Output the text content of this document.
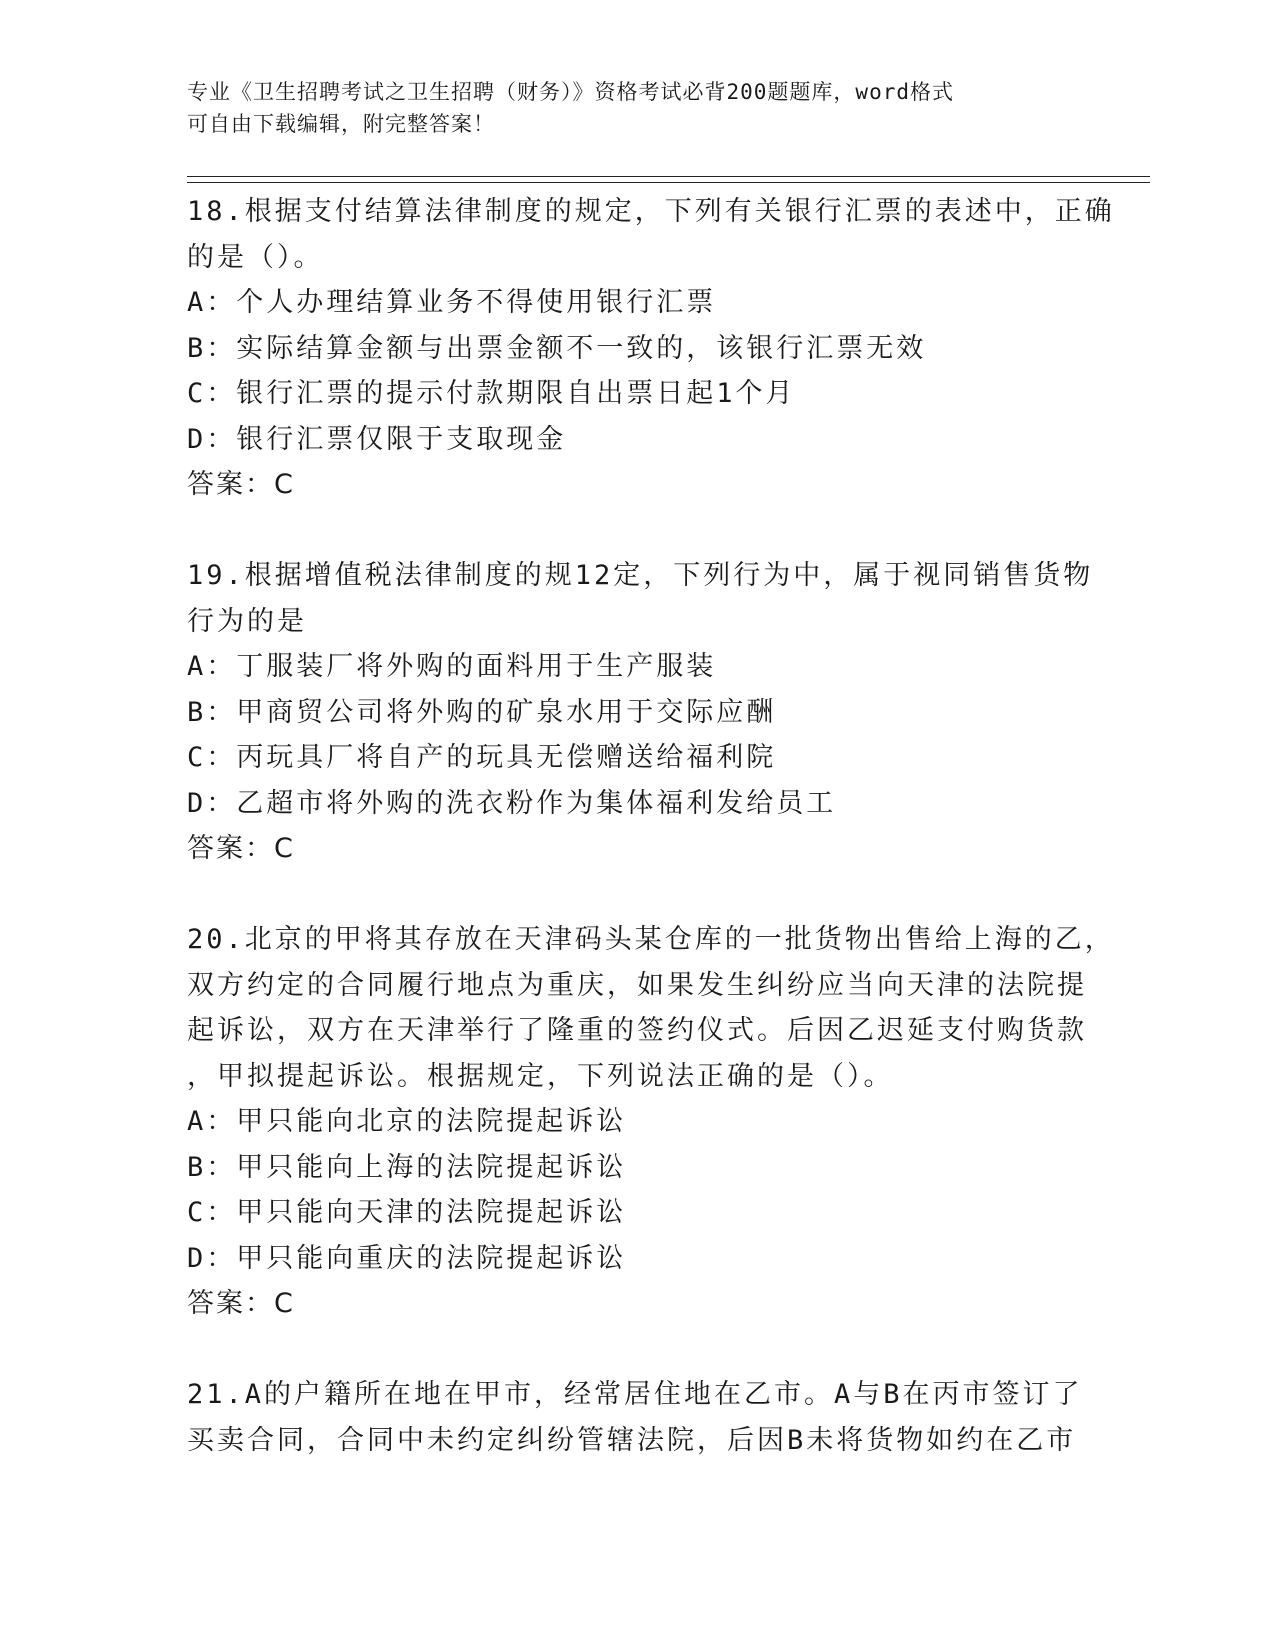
专业《卫生招聘考试之卫生招聘（财务）》资格考试必背200题题库，word格式
可自由下载编辑，附完整答案！
18.根据支付结算法律制度的规定，下列有关银行汇票的表述中，正确
的是（）。
A：个人办理结算业务不得使用银行汇票
B：实际结算金额与出票金额不一致的，该银行汇票无效
C：银行汇票的提示付款期限自出票日起1个月
D：银行汇票仅限于支取现金
答案：C
19.根据增值税法律制度的规12定，下列行为中，属于视同销售货物
行为的是
A：丁服装厂将外购的面料用于生产服装
B：甲商贸公司将外购的矿泉水用于交际应酬
C：丙玩具厂将自产的玩具无偿赠送给福利院
D：乙超市将外购的洗衣粉作为集体福利发给员工
答案：C
20.北京的甲将其存放在天津码头某仓库的一批货物出售给上海的乙，
双方约定的合同履行地点为重庆，如果发生纠纷应当向天津的法院提
起诉讼，双方在天津举行了隆重的签约仪式。后因乙迟延支付购货款
，甲拟提起诉讼。根据规定，下列说法正确的是（）。
A：甲只能向北京的法院提起诉讼
B：甲只能向上海的法院提起诉讼
C：甲只能向天津的法院提起诉讼
D：甲只能向重庆的法院提起诉讼
答案：C
21.A的户籍所在地在甲市，经常居住地在乙市。A与B在丙市签订了
买卖合同，合同中未约定纠纷管辖法院，后因B未将货物如约在乙市
